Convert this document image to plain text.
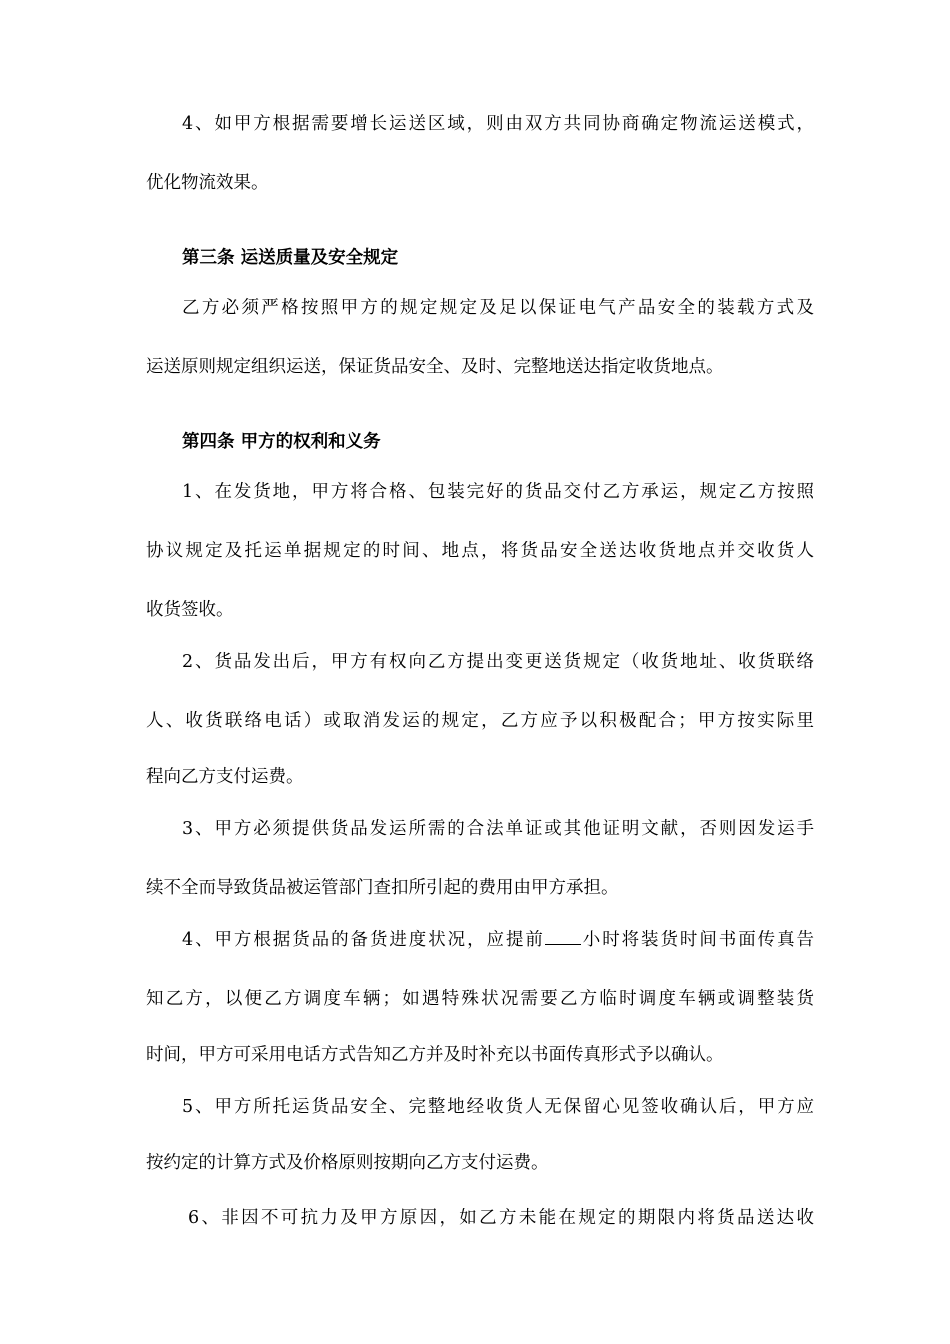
4、如甲方根据需要增长运送区域，则由双方共同协商确定物流运送模式，
优化物流效果。
第三条 运送质量及安全规定
乙方必须严格按照甲方的规定规定及足以保证电气产品安全的装载方式及
运送原则规定组织运送，保证货品安全、及时、完整地送达指定收货地点。
第四条 甲方的权利和义务
1、在发货地，甲方将合格、包装完好的货品交付乙方承运，规定乙方按照
协议规定及托运单据规定的时间、地点，将货品安全送达收货地点并交收货人
收货签收。
2、货品发出后，甲方有权向乙方提出变更送货规定（收货地址、收货联络
人、收货联络电话）或取消发运的规定，乙方应予以积极配合；甲方按实际里
程向乙方支付运费。
3、甲方必须提供货品发运所需的合法单证或其他证明文献，否则因发运手
续不全而导致货品被运管部门查扣所引起的费用由甲方承担。
4、甲方根据货品的备货进度状况，应提前 小时将装货时间书面传真告
知乙方，以便乙方调度车辆；如遇特殊状况需要乙方临时调度车辆或调整装货
时间，甲方可采用电话方式告知乙方并及时补充以书面传真形式予以确认。
5、甲方所托运货品安全、完整地经收货人无保留心见签收确认后，甲方应
按约定的计算方式及价格原则按期向乙方支付运费。
6、非因不可抗力及甲方原因，如乙方未能在规定的期限内将货品送达收
